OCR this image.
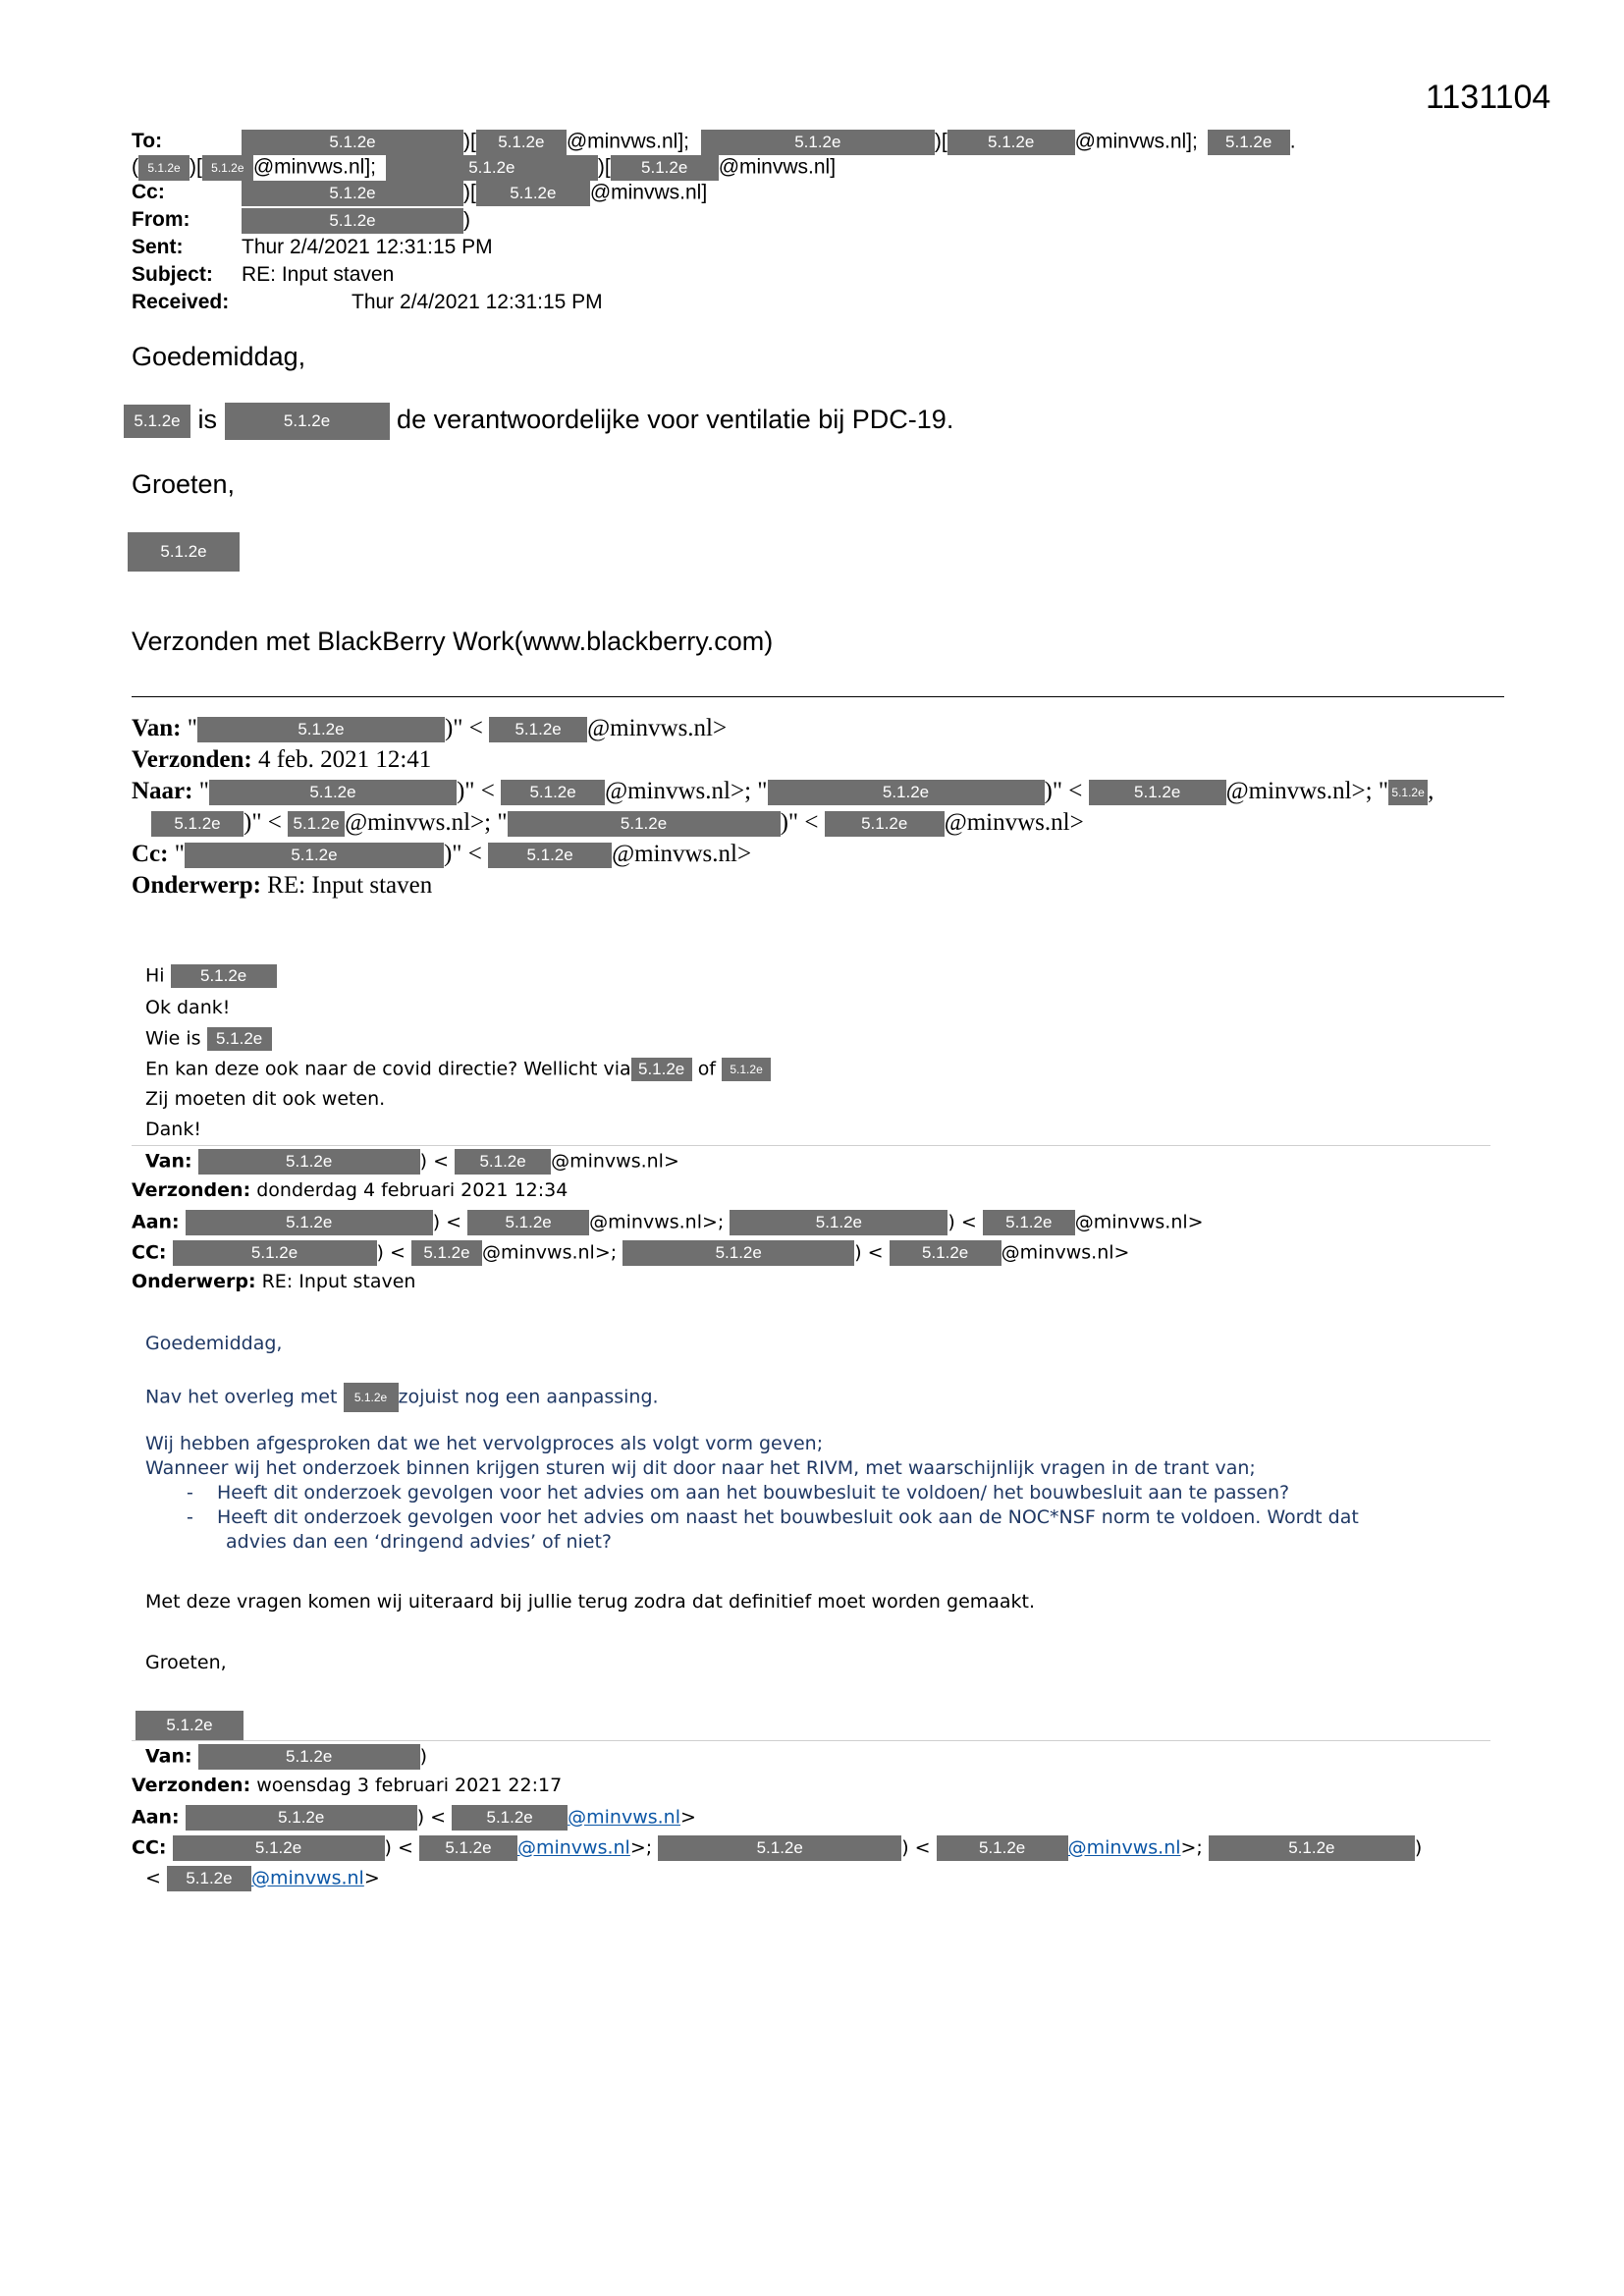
1131104
To:	5.1.2e	)[ 5.1.2e @minvws.nl];	5.1.2e	)[ 5.1.2e @minvws.nl]; 5.1.2e .
( 5.1.2e )[ 5.1.2e @minvws.nl];	5.1.2e	)[ 5.1.2e @minvws.nl]
Cc:	5.1.2e	)[ 5.1.2e @minvws.nl]
From:	5.1.2e	)
Sent:	Thur 2/4/2021 12:31:15 PM
Subject: RE: Input staven
Received:	Thur 2/4/2021 12:31:15 PM
Goedemiddag,
5.1.2e is	5.1.2e	de verantwoordelijke voor ventilatie bij PDC-19.
Groeten,
5.1.2e
Verzonden met BlackBerry Work(www.blackberry.com)
Van: "	5.1.2e	)" < 5.1.2e @minvws.nl>
Verzonden: 4 feb. 2021 12:41
Naar: "	5.1.2e	)" < 5.1.2e @minvws.nl>; "	5.1.2e	)" <	5.1.2e @minvws.nl>; " 5.1.2e ,
5.1.2e )" < 5.1.2e @minvws.nl>; "	5.1.2e	)" < 5.1.2e @minvws.nl>
Cc: "	5.1.2e	)" < 5.1.2e @minvws.nl>
Onderwerp: RE: Input staven
Hi 5.1.2e
Ok dank!
Wie is 5.1.2e
En kan deze ook naar de covid directie? Wellicht via 5.1.2e of 5.1.2e
Zij moeten dit ook weten.
Dank!
Van:	5.1.2e	) < 5.1.2e @minvws.nl>
Verzonden: donderdag 4 februari 2021 12:34
Aan:	5.1.2e	) < 5.1.2e @minvws.nl>;	5.1.2e	) < 5.1.2e @minvws.nl>
CC:	5.1.2e	) < 5.1.2e @minvws.nl>;	5.1.2e	) < 5.1.2e @minvws.nl>
Onderwerp: RE: Input staven
Goedemiddag,
Nav het overleg met 5.1.2e zojuist nog een aanpassing.
Wij hebben afgesproken dat we het vervolgproces als volgt vorm geven;
Wanneer wij het onderzoek binnen krijgen sturen wij dit door naar het RIVM, met waarschijnlijk vragen in de trant van;
-    Heeft dit onderzoek gevolgen voor het advies om aan het bouwbesluit te voldoen/ het bouwbesluit aan te passen?
-    Heeft dit onderzoek gevolgen voor het advies om naast het bouwbesluit ook aan de NOC*NSF norm te voldoen. Wordt dat
advies dan een ‘dringend advies’ of niet?
Met deze vragen komen wij uiteraard bij jullie terug zodra dat definitief moet worden gemaakt.
Groeten,
5.1.2e
Van:	5.1.2e	)
Verzonden: woensdag 3 februari 2021 22:17
Aan:	5.1.2e	) < 5.1.2e @minvws.nl>
CC:	5.1.2e	) < 5.1.2e @minvws.nl>;	5.1.2e	) <	5.1.2e @minvws.nl>;	5.1.2e	)
< 5.1.2e @minvws.nl>
